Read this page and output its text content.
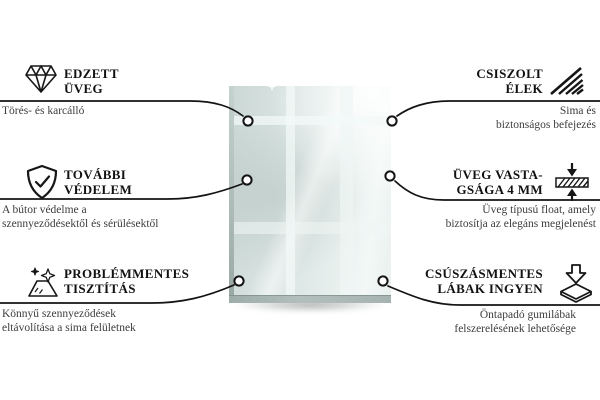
EDZETT
ÜVEG
Törés- és karcálló
TOVÁBBI
VÉDELEM
A bútor védelme a
szennyeződésektől és sérülésektől
PROBLÉMMENTES
TISZTÍTÁS
Könnyű szennyeződések
eltávolítása a sima felületnek
CSISZOLT
ÉLEK
Sima és
biztonságos befejezés
ÜVEG VASTA-
GSÁGA 4 MM
Üveg típusú float, amely
biztosítja az elegáns megjelenést
CSÚSZÁSMENTES
LÁBAK INGYEN
Öntapadó gumilábak
felszerelésének lehetősége
